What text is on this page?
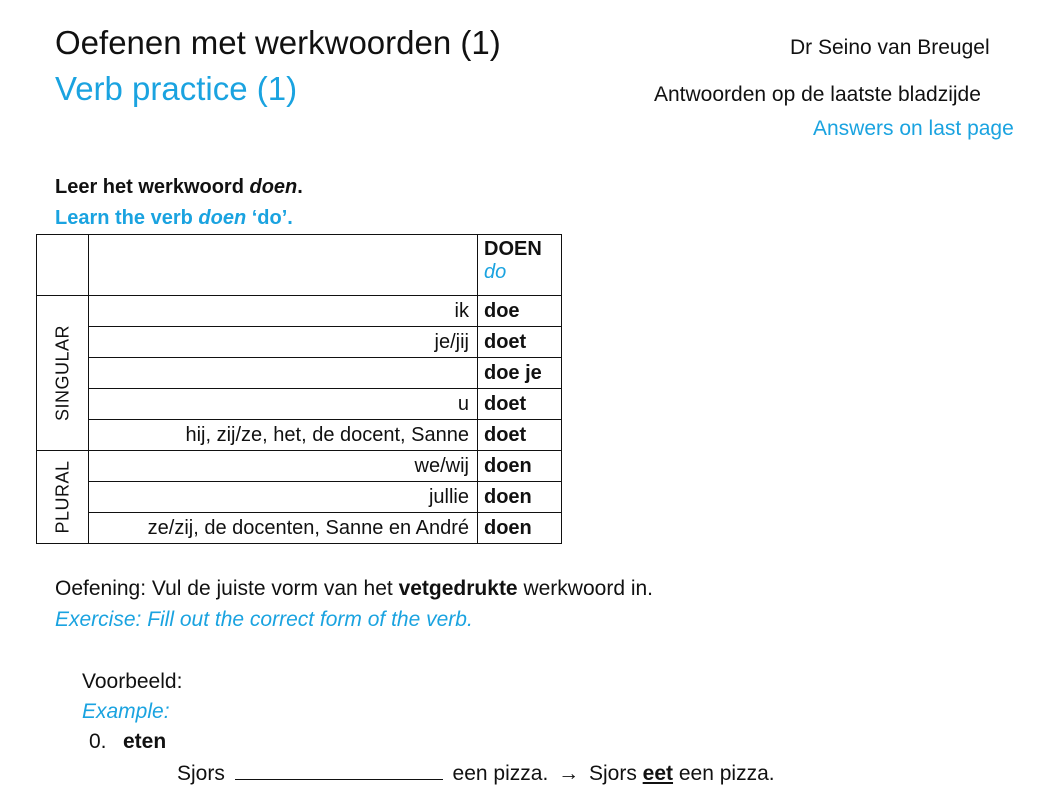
Oefenen met werkwoorden (1)
Verb practice (1)
Dr Seino van Breugel
Antwoorden op de laatste bladzijde
Answers on last page
Leer het werkwoord doen.
Learn the verb doen ‘do’.

		DOEN
do

SINGULAR	ik	doe
	je/jij	doet
		doe je
	u	doet
	hij, zij/ze, het, de docent, Sanne	doet

PLURAL	we/wij	doen
	jullie	doen
	ze/zij, de docenten, Sanne en André	doen
Oefening: Vul de juiste vorm van het vetgedrukte werkwoord in.
Exercise: Fill out the correct form of the verb.
Voorbeeld:
Example:
0. eten
Sjors	een pizza. → Sjors eet een pizza.
